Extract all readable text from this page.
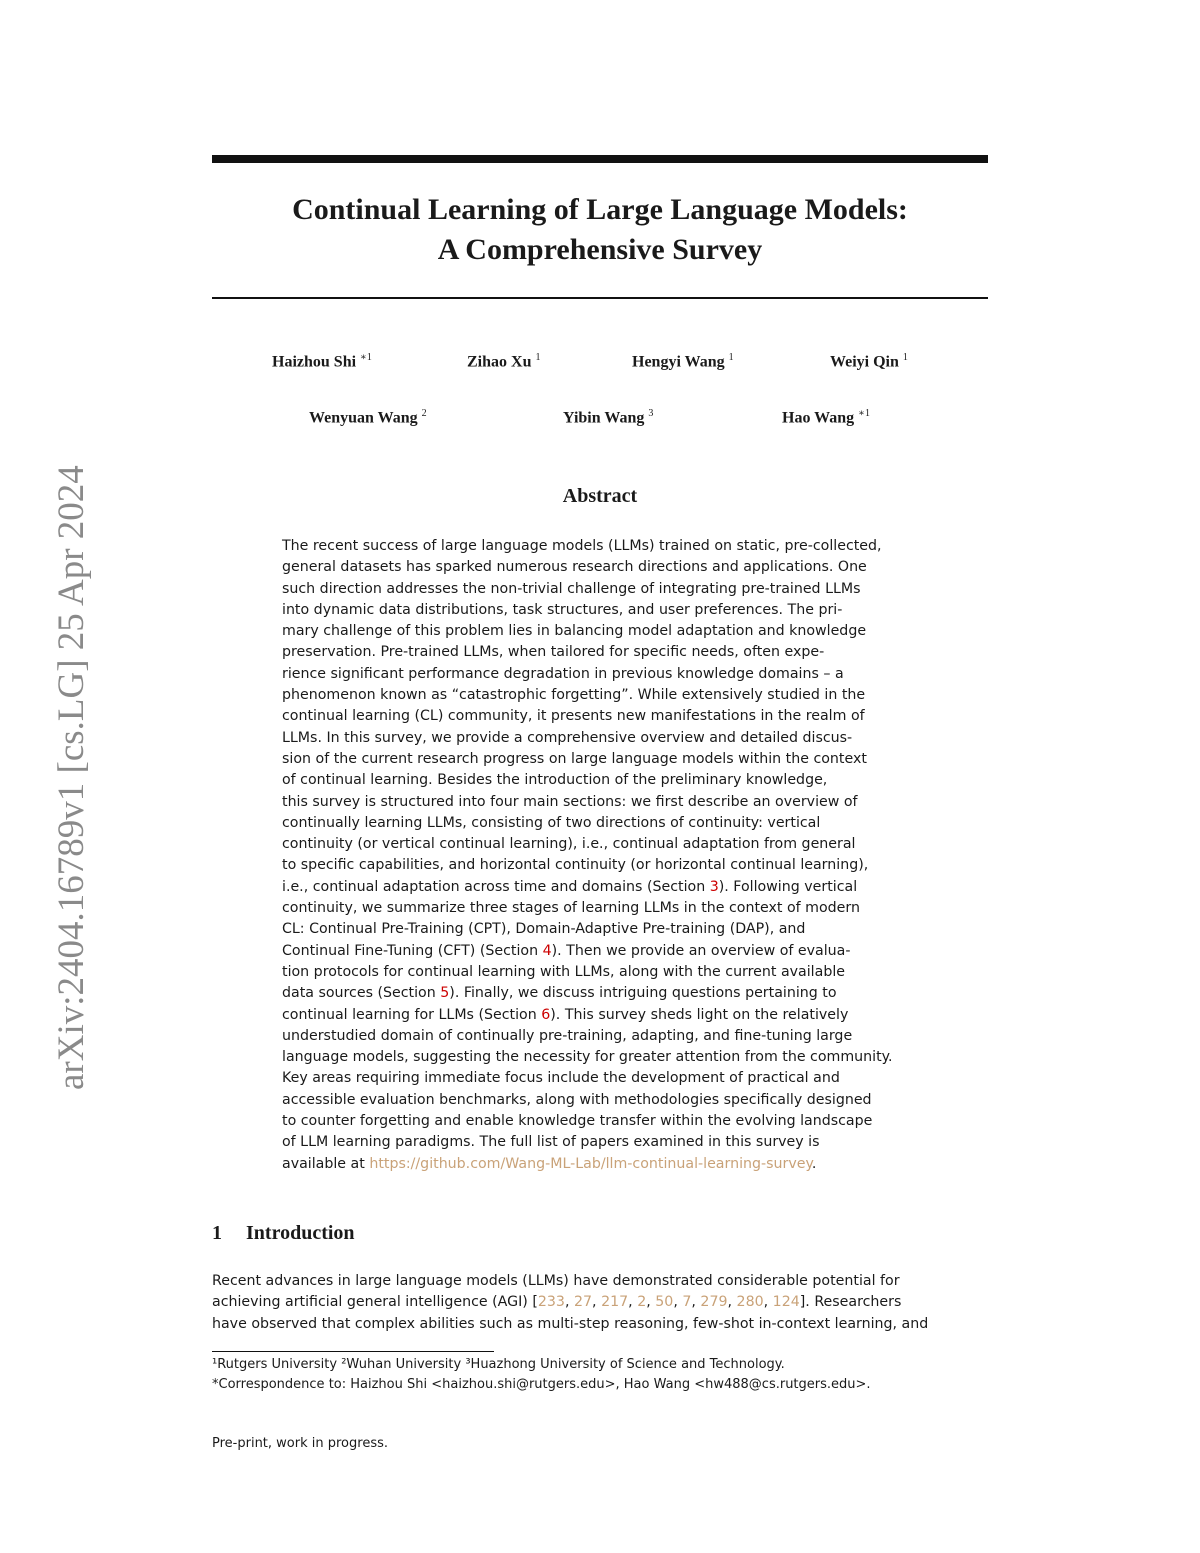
arXiv:2404.16789v1 [cs.LG] 25 Apr 2024
Continual Learning of Large Language Models:
A Comprehensive Survey
Haizhou Shi $^{∗1}$	Zihao Xu $^1$	Hengyi Wang $^1$	Weiyi Qin $^1$
Wenyuan Wang $^2$	Yibin Wang $^3$	Hao Wang $^{∗1}$
Abstract
The recent success of large language models (LLMs) trained on static, pre-collected,
general datasets has sparked numerous research directions and applications. One
such direction addresses the non-trivial challenge of integrating pre-trained LLMs
into dynamic data distributions, task structures, and user preferences. The pri-
mary challenge of this problem lies in balancing model adaptation and knowledge
preservation. Pre-trained LLMs, when tailored for specific needs, often expe-
rience significant performance degradation in previous knowledge domains – a
phenomenon known as “catastrophic forgetting”. While extensively studied in the
continual learning (CL) community, it presents new manifestations in the realm of
LLMs. In this survey, we provide a comprehensive overview and detailed discus-
sion of the current research progress on large language models within the context
of continual learning. Besides the introduction of the preliminary knowledge,
this survey is structured into four main sections: we first describe an overview of
continually learning LLMs, consisting of two directions of continuity: vertical
continuity (or vertical continual learning), i.e., continual adaptation from general
to specific capabilities, and horizontal continuity (or horizontal continual learning),
i.e., continual adaptation across time and domains (Section 3). Following vertical
continuity, we summarize three stages of learning LLMs in the context of modern
CL: Continual Pre-Training (CPT), Domain-Adaptive Pre-training (DAP), and
Continual Fine-Tuning (CFT) (Section 4). Then we provide an overview of evalua-
tion protocols for continual learning with LLMs, along with the current available
data sources (Section 5). Finally, we discuss intriguing questions pertaining to
continual learning for LLMs (Section 6). This survey sheds light on the relatively
understudied domain of continually pre-training, adapting, and fine-tuning large
language models, suggesting the necessity for greater attention from the community.
Key areas requiring immediate focus include the development of practical and
accessible evaluation benchmarks, along with methodologies specifically designed
to counter forgetting and enable knowledge transfer within the evolving landscape
of LLM learning paradigms. The full list of papers examined in this survey is
available at https://github.com/Wang-ML-Lab/llm-continual-learning-survey.
1 Introduction
Recent advances in large language models (LLMs) have demonstrated considerable potential for
achieving artificial general intelligence (AGI) [233, 27, 217, 2, 50, 7, 279, 280, 124]. Researchers
have observed that complex abilities such as multi-step reasoning, few-shot in-context learning, and
¹Rutgers University ²Wuhan University ³Huazhong University of Science and Technology.
*Correspondence to: Haizhou Shi <haizhou.shi@rutgers.edu>, Hao Wang <hw488@cs.rutgers.edu>.
Pre-print, work in progress.
